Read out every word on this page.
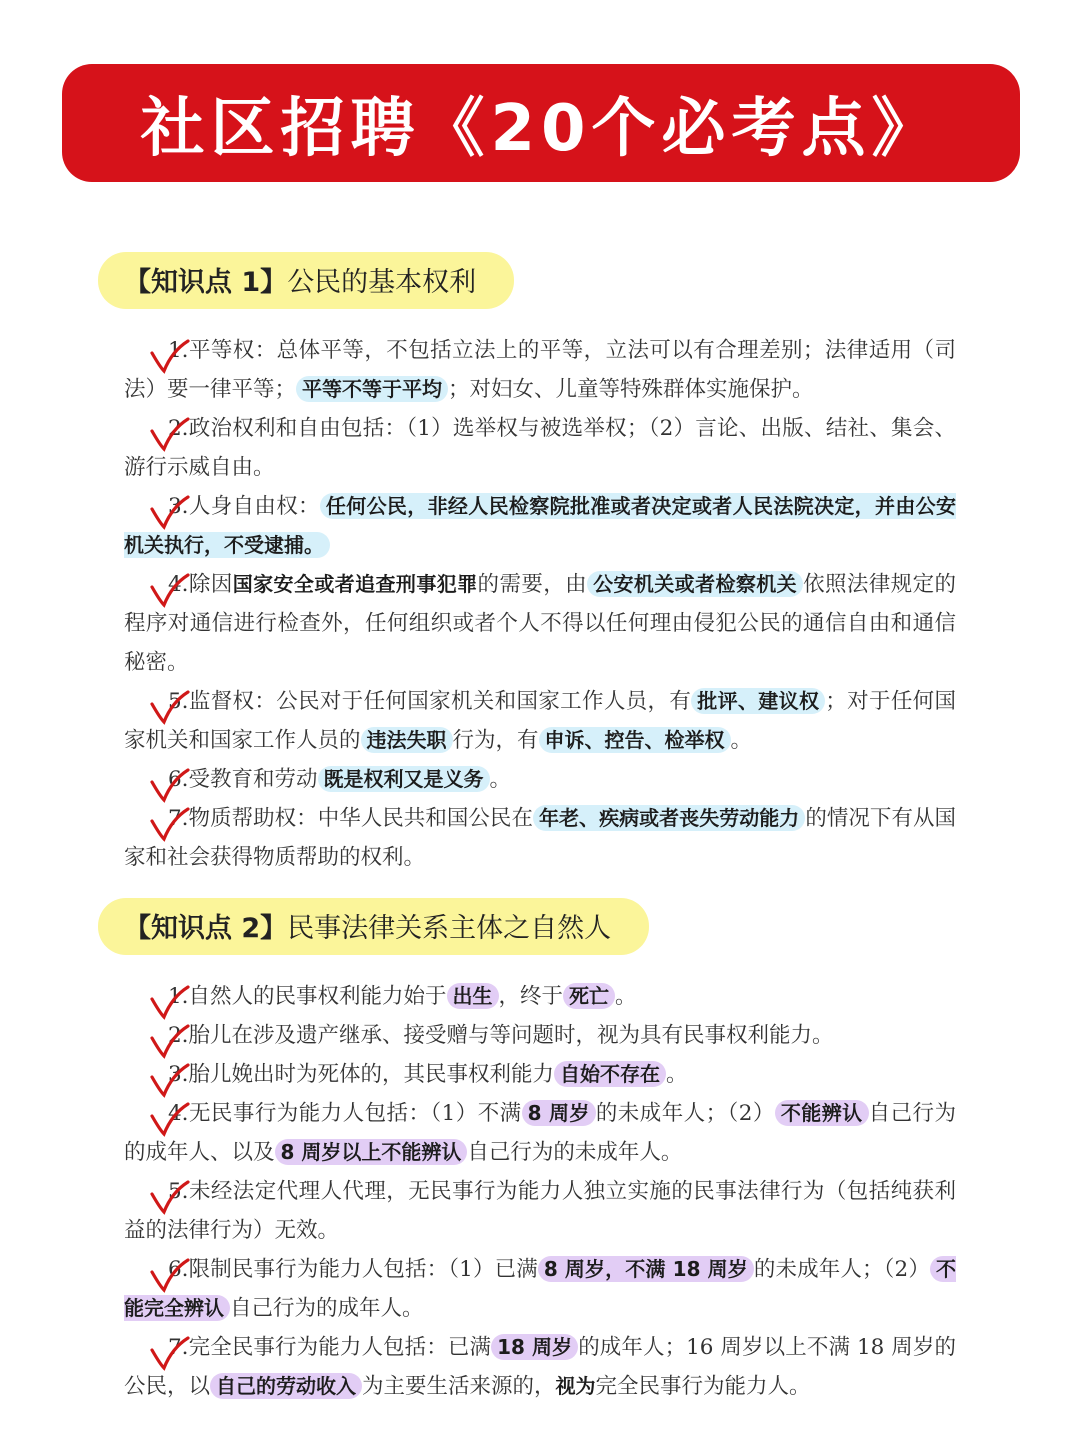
社区招聘《20个必考点》
【知识点 1】公民的基本权利

1.平等权：总体平等，不包括立法上的平等，立法可以有合理差别；法律适用（司法）要一律平等； 平等不等于平均 ；对妇女、儿童等特殊群体实施保护。

2.政治权利和自由包括：（1）选举权与被选举权；（2）言论、出版、结社、集会、游行示威自由。

3.人身自由权： 任何公民，非经人民检察院批准或者决定或者人民法院决定，并由公安机关执行，不受逮捕。

4.除因国家安全或者追查刑事犯罪的需要，由 公安机关或者检察机关 依照法律规定的程序对通信进行检查外，任何组织或者个人不得以任何理由侵犯公民的通信自由和通信秘密。

5.监督权：公民对于任何国家机关和国家工作人员，有 批评、建议权 ；对于任何国家机关和国家工作人员的 违法失职 行为，有 申诉、控告、检举权 。

6.受教育和劳动 既是权利又是义务 。

7.物质帮助权：中华人民共和国公民在 年老、疾病或者丧失劳动能力 的情况下有从国家和社会获得物质帮助的权利。

【知识点 2】民事法律关系主体之自然人

1.自然人的民事权利能力始于 出生 ，终于 死亡 。

2.胎儿在涉及遗产继承、接受赠与等问题时，视为具有民事权利能力。

3.胎儿娩出时为死体的，其民事权利能力 自始不存在 。

4.无民事行为能力人包括：（1）不满 8 周岁 的未成年人；（2） 不能辨认 自己行为的成年人、以及 8 周岁以上不能辨认 自己行为的未成年人。

5.未经法定代理人代理，无民事行为能力人独立实施的民事法律行为（包括纯获利益的法律行为）无效。

6.限制民事行为能力人包括：（1）已满 8 周岁，不满 18 周岁 的未成年人；（2） 不能完全辨认 自己行为的成年人。

7.完全民事行为能力人包括：已满 18 周岁 的成年人；16 周岁以上不满 18 周岁的公民，以 自己的劳动收入 为主要生活来源的，视为完全民事行为能力人。
